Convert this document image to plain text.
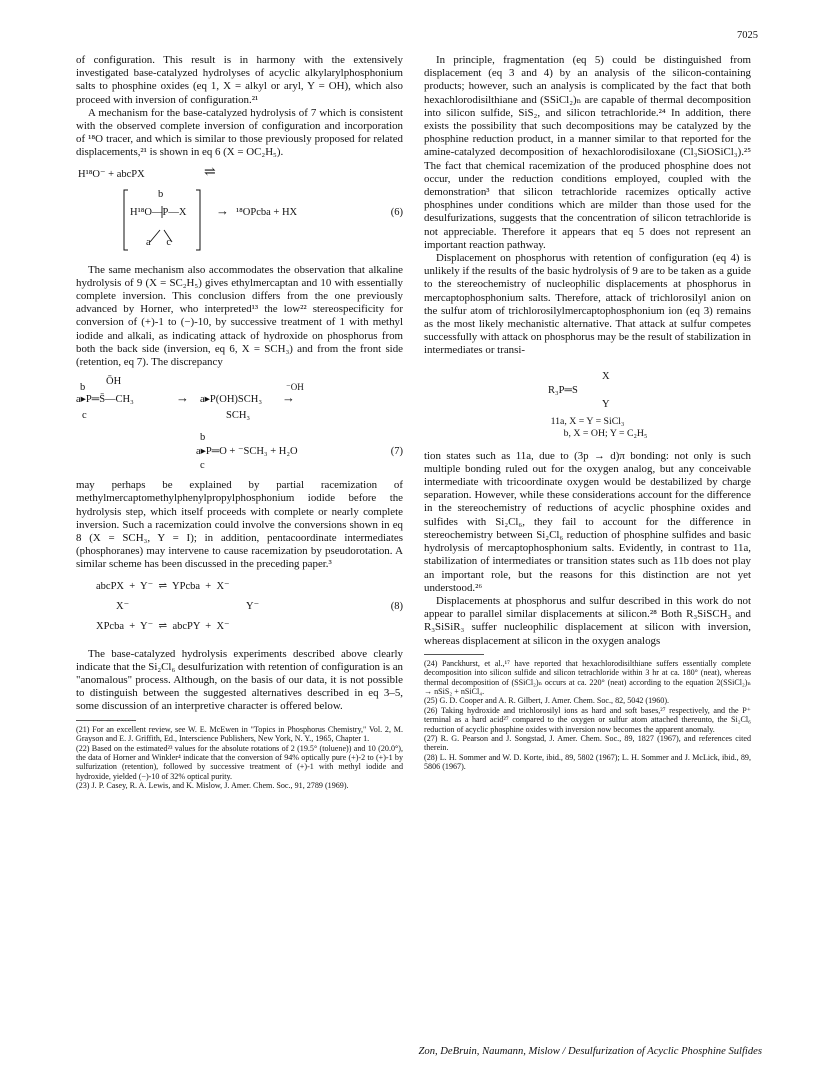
7025

of configuration. This result is in harmony with the extensively investigated base-catalyzed hydrolyses of acyclic alkylarylphosphonium salts to phosphine oxides (eq 1, X = alkyl or aryl, Y = OH), which also proceed with inversion of configuration.²¹

A mechanism for the base-catalyzed hydrolysis of 7 which is consistent with the observed complete inversion of configuration and incorporation of ¹⁸O tracer, and which is similar to those previously proposed for related displacements,²¹ is shown in eq 6 (X = OC₂H₅).

H¹⁸O⁻ + abcPX	⇌
b
H¹⁸O—P—X
a      c
→ ¹⁸OPcba + HX	(6)

The same mechanism also accommodates the observation that alkaline hydrolysis of 9 (X = SC₂H₅) gives ethylmercaptan and 10 with essentially complete inversion. This conclusion differs from the one previously advanced by Horner, who interpreted¹³ the low²² stereospecificity for conversion of (+)-1 to (−)-10, by successive treatment of 1 with methyl iodide and alkali, as indicating attack of hydroxide on phosphorus from both the back side (inversion, eq 6, X = SCH₃) and from the front side (retention, eq 7). The discrepancy

ŌH
b
a▸P═S̄—CH₃
c
→ a▸P(OH)SCH₃
SCH₃
⁻OH
→
b
a▸P═O + ⁻SCH₃ + H₂O
c
(7)

may perhaps be explained by partial racemization of methylmercaptomethylphenylpropylphosphonium iodide before the hydrolysis step, which itself proceeds with complete or nearly complete inversion. Such a racemization could involve the conversions shown in eq 8 (X = SCH₃, Y = I); in addition, pentacoordinate intermediates (phosphoranes) may intervene to cause racemization by pseudorotation. A similar scheme has been discussed in the preceding paper.³

abcPX  +  Y⁻  ⇌  YPcba  +  X⁻
X⁻	Y⁻	(8)
XPcba  +  Y⁻  ⇌  abcPY  +  X⁻

The base-catalyzed hydrolysis experiments described above clearly indicate that the Si₂Cl₆ desulfurization with retention of configuration is an "anomalous" process. Although, on the basis of our data, it is not possible to distinguish between the suggested alternatives described in eq 3–5, some discussion of an interpretive character is offered below.

(21) For an excellent review, see W. E. McEwen in "Topics in Phosphorus Chemistry," Vol. 2, M. Grayson and E. J. Griffith, Ed., Interscience Publishers, New York, N. Y., 1965, Chapter 1.

(22) Based on the estimated²³ values for the absolute rotations of 2 (19.5° (toluene)) and 10 (20.0°), the data of Horner and Winkler⁴ indicate that the conversion of 94% optically pure (+)-2 to (+)-1 by sulfurization (retention), followed by successive treatment of (+)-1 with methyl iodide and hydroxide, yielded (−)-10 of 32% optical purity.

(23) J. P. Casey, R. A. Lewis, and K. Mislow, J. Amer. Chem. Soc., 91, 2789 (1969).

In principle, fragmentation (eq 5) could be distinguished from displacement (eq 3 and 4) by an analysis of the silicon-containing products; however, such an analysis is complicated by the fact that both hexachlorodisilthiane and (SSiCl₂)ₙ are capable of thermal decomposition into silicon sulfide, SiS₂, and silicon tetrachloride.²⁴ In addition, there exists the possibility that such decompositions may be catalyzed by the phosphine reduction product, in a manner similar to that reported for the amine-catalyzed decomposition of hexachlorodisiloxane (Cl₃SiOSiCl₃).²⁵ The fact that chemical racemization of the produced phosphine does not occur, under the reduction conditions employed, coupled with the demonstration³ that silicon tetrachloride racemizes optically active phosphines under conditions which are milder than those used for the desulfurizations, suggests that the concentration of silicon tetrachloride is not appreciable. Therefore it appears that eq 5 does not represent an important reaction pathway.

Displacement on phosphorus with retention of configuration (eq 4) is unlikely if the results of the basic hydrolysis of 9 are to be taken as a guide to the stereochemistry of nucleophilic displacements at phosphorus in mercaptophosphonium salts. Therefore, attack of trichlorosilyl anion on the sulfur atom of trichlorosilylmercaptophosphonium ion (eq 3) remains as the most likely mechanistic alternative. That attack at sulfur competes successfully with attack on phosphorus may be the result of stabilization in intermediates or transi-

X
R₃P═S
Y
11a, X = Y = SiCl₃
b, X = OH; Y = C₂H₅

tion states such as 11a, due to (3p → d)π bonding: not only is such multiple bonding ruled out for the oxygen analog, but any conceivable intermediate with tricoordinate oxygen would be destabilized by charge separation. However, while these considerations account for the difference in the stereochemistry of reductions of acyclic phosphine oxides and sulfides with Si₂Cl₆, they fail to account for the difference in stereochemistry between Si₂Cl₆ reduction of phosphine sulfides and basic hydrolysis of mercaptophosphonium salts. Evidently, in contrast to 11a, stabilization of intermediates or transition states such as 11b does not play an important role, but the reasons for this distinction are not yet understood.²⁶

Displacements at phosphorus and sulfur described in this work do not appear to parallel similar displacements at silicon.²⁸ Both R₃SiSCH₃ and R₃SiSiR₃ suffer nucleophilic displacement at silicon with inversion, whereas displacement at silicon in the oxygen analogs

(24) Panckhurst, et al.,¹⁷ have reported that hexachlorodisilthiane suffers essentially complete decomposition into silicon sulfide and silicon tetrachloride within 3 hr at ca. 180° (neat), whereas thermal decomposition of (SSiCl₂)ₙ occurs at ca. 220° (neat) according to the equation 2(SSiCl₂)ₙ → nSiS₂ + nSiCl₄.

(25) G. D. Cooper and A. R. Gilbert, J. Amer. Chem. Soc., 82, 5042 (1960).

(26) Taking hydroxide and trichlorosilyl ions as hard and soft bases,²⁷ respectively, and the P⁺ terminal as a hard acid²⁷ compared to the oxygen or sulfur atom attached thereunto, the Si₂Cl₆ reduction of acyclic phosphine oxides with inversion now becomes the apparent anomaly.

(27) R. G. Pearson and J. Songstad, J. Amer. Chem. Soc., 89, 1827 (1967), and references cited therein.

(28) L. H. Sommer and W. D. Korte, ibid., 89, 5802 (1967); L. H. Sommer and J. McLick, ibid., 89, 5806 (1967).

Zon, DeBruin, Naumann, Mislow / Desulfurization of Acyclic Phosphine Sulfides
